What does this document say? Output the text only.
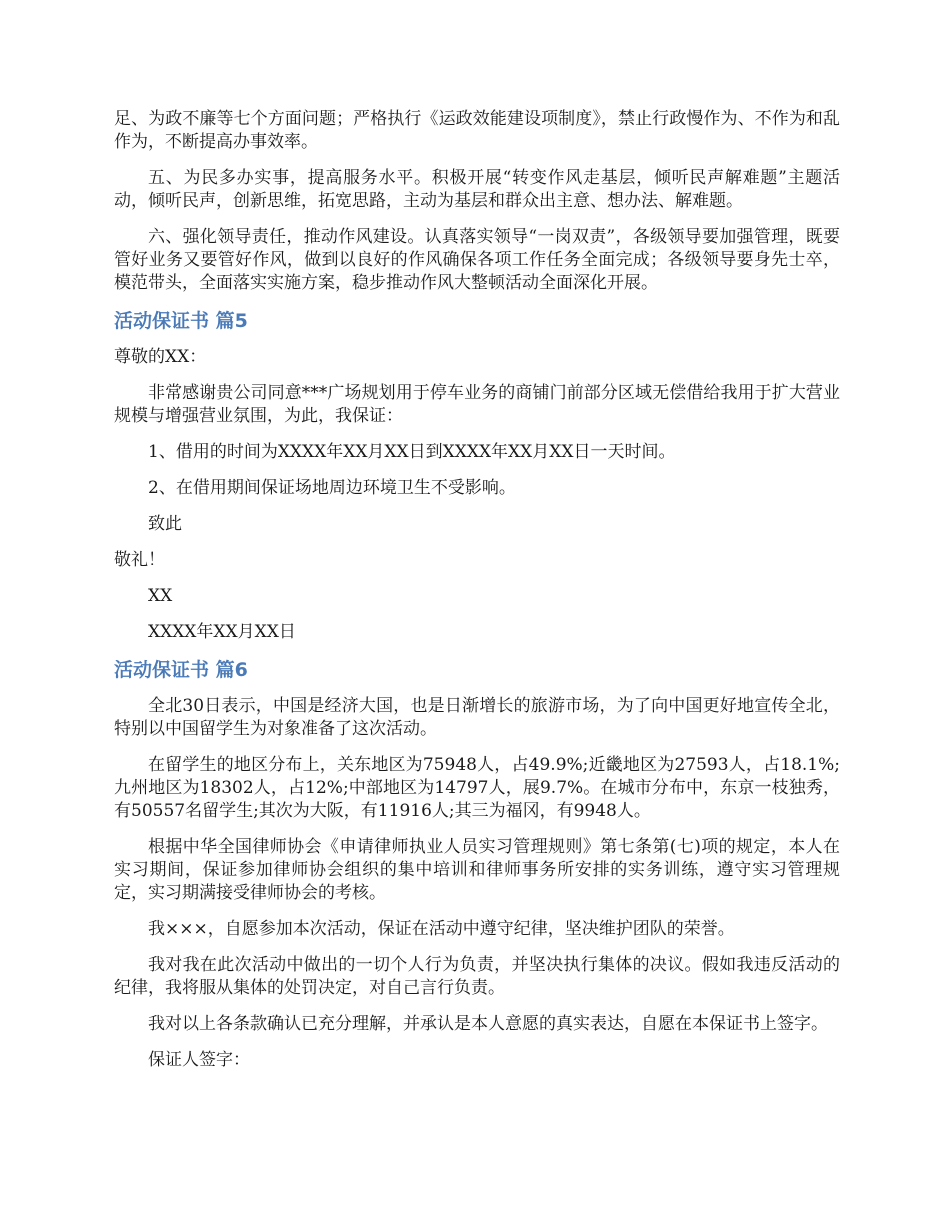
足、为政不廉等七个方面问题；严格执行《运政效能建设项制度》，禁止行政慢作为、不作为和乱作为，不断提高办事效率。

五、为民多办实事，提高服务水平。积极开展“转变作风走基层，倾听民声解难题”主题活动，倾听民声，创新思维，拓宽思路，主动为基层和群众出主意、想办法、解难题。

六、强化领导责任，推动作风建设。认真落实领导“一岗双责”，各级领导要加强管理，既要管好业务又要管好作风，做到以良好的作风确保各项工作任务全面完成；各级领导要身先士卒，模范带头，全面落实实施方案，稳步推动作风大整顿活动全面深化开展。

活动保证书 篇5

尊敬的XX：

非常感谢贵公司同意***广场规划用于停车业务的商铺门前部分区域无偿借给我用于扩大营业规模与增强营业氛围，为此，我保证：

1、借用的时间为XXXX年XX月XX日到XXXX年XX月XX日一天时间。

2、在借用期间保证场地周边环境卫生不受影响。

致此

敬礼！

XX

XXXX年XX月XX日

活动保证书 篇6

全北30日表示，中国是经济大国，也是日渐增长的旅游市场，为了向中国更好地宣传全北，特别以中国留学生为对象准备了这次活动。

在留学生的地区分布上，关东地区为75948人，占49.9%;近畿地区为27593人，占18.1%;九州地区为18302人，占12%;中部地区为14797人，展9.7%。在城市分布中，东京一枝独秀，有50557名留学生;其次为大阪，有11916人;其三为福冈，有9948人。

根据中华全国律师协会《申请律师执业人员实习管理规则》第七条第(七)项的规定，本人在实习期间，保证参加律师协会组织的集中培训和律师事务所安排的实务训练，遵守实习管理规定，实习期满接受律师协会的考核。

我×××，自愿参加本次活动，保证在活动中遵守纪律，坚决维护团队的荣誉。

我对我在此次活动中做出的一切个人行为负责，并坚决执行集体的决议。假如我违反活动的纪律，我将服从集体的处罚决定，对自己言行负责。

我对以上各条款确认已充分理解，并承认是本人意愿的真实表达，自愿在本保证书上签字。

保证人签字：
